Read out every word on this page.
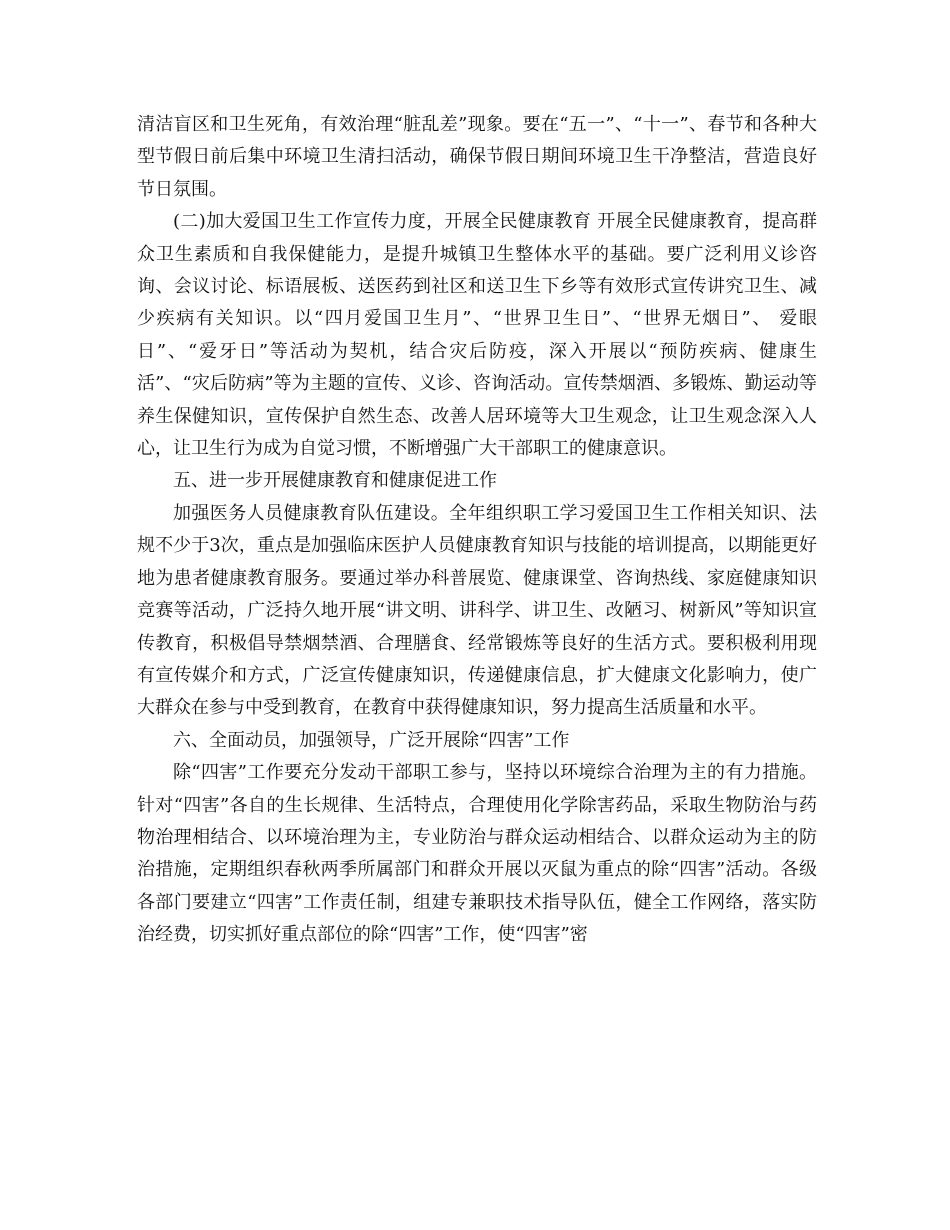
清洁盲区和卫生死角，有效治理“脏乱差”现象。要在“五一”、“十一”、春节和各种大型节假日前后集中环境卫生清扫活动，确保节假日期间环境卫生干净整洁，营造良好节日氛围。

(二)加大爱国卫生工作宣传力度，开展全民健康教育 开展全民健康教育，提高群众卫生素质和自我保健能力，是提升城镇卫生整体水平的基础。要广泛利用义诊咨询、会议讨论、标语展板、送医药到社区和送卫生下乡等有效形式宣传讲究卫生、减少疾病有关知识。以“四月爱国卫生月”、“世界卫生日”、“世界无烟日”、 爱眼日”、“爱牙日”等活动为契机，结合灾后防疫，深入开展以“预防疾病、健康生活”、“灾后防病”等为主题的宣传、义诊、咨询活动。宣传禁烟酒、多锻炼、勤运动等养生保健知识，宣传保护自然生态、改善人居环境等大卫生观念，让卫生观念深入人心，让卫生行为成为自觉习惯，不断增强广大干部职工的健康意识。

五、进一步开展健康教育和健康促进工作

加强医务人员健康教育队伍建设。全年组织职工学习爱国卫生工作相关知识、法规不少于3次，重点是加强临床医护人员健康教育知识与技能的培训提高，以期能更好地为患者健康教育服务。要通过举办科普展览、健康课堂、咨询热线、家庭健康知识竞赛等活动，广泛持久地开展“讲文明、讲科学、讲卫生、改陋习、树新风”等知识宣传教育，积极倡导禁烟禁酒、合理膳食、经常锻炼等良好的生活方式。要积极利用现有宣传媒介和方式，广泛宣传健康知识，传递健康信息，扩大健康文化影响力，使广大群众在参与中受到教育，在教育中获得健康知识，努力提高生活质量和水平。

六、全面动员，加强领导，广泛开展除“四害”工作

除“四害”工作要充分发动干部职工参与，坚持以环境综合治理为主的有力措施。针对“四害”各自的生长规律、生活特点，合理使用化学除害药品，采取生物防治与药物治理相结合、以环境治理为主，专业防治与群众运动相结合、以群众运动为主的防治措施，定期组织春秋两季所属部门和群众开展以灭鼠为重点的除“四害”活动。各级各部门要建立“四害”工作责任制，组建专兼职技术指导队伍，健全工作网络，落实防治经费，切实抓好重点部位的除“四害”工作，使“四害”密
